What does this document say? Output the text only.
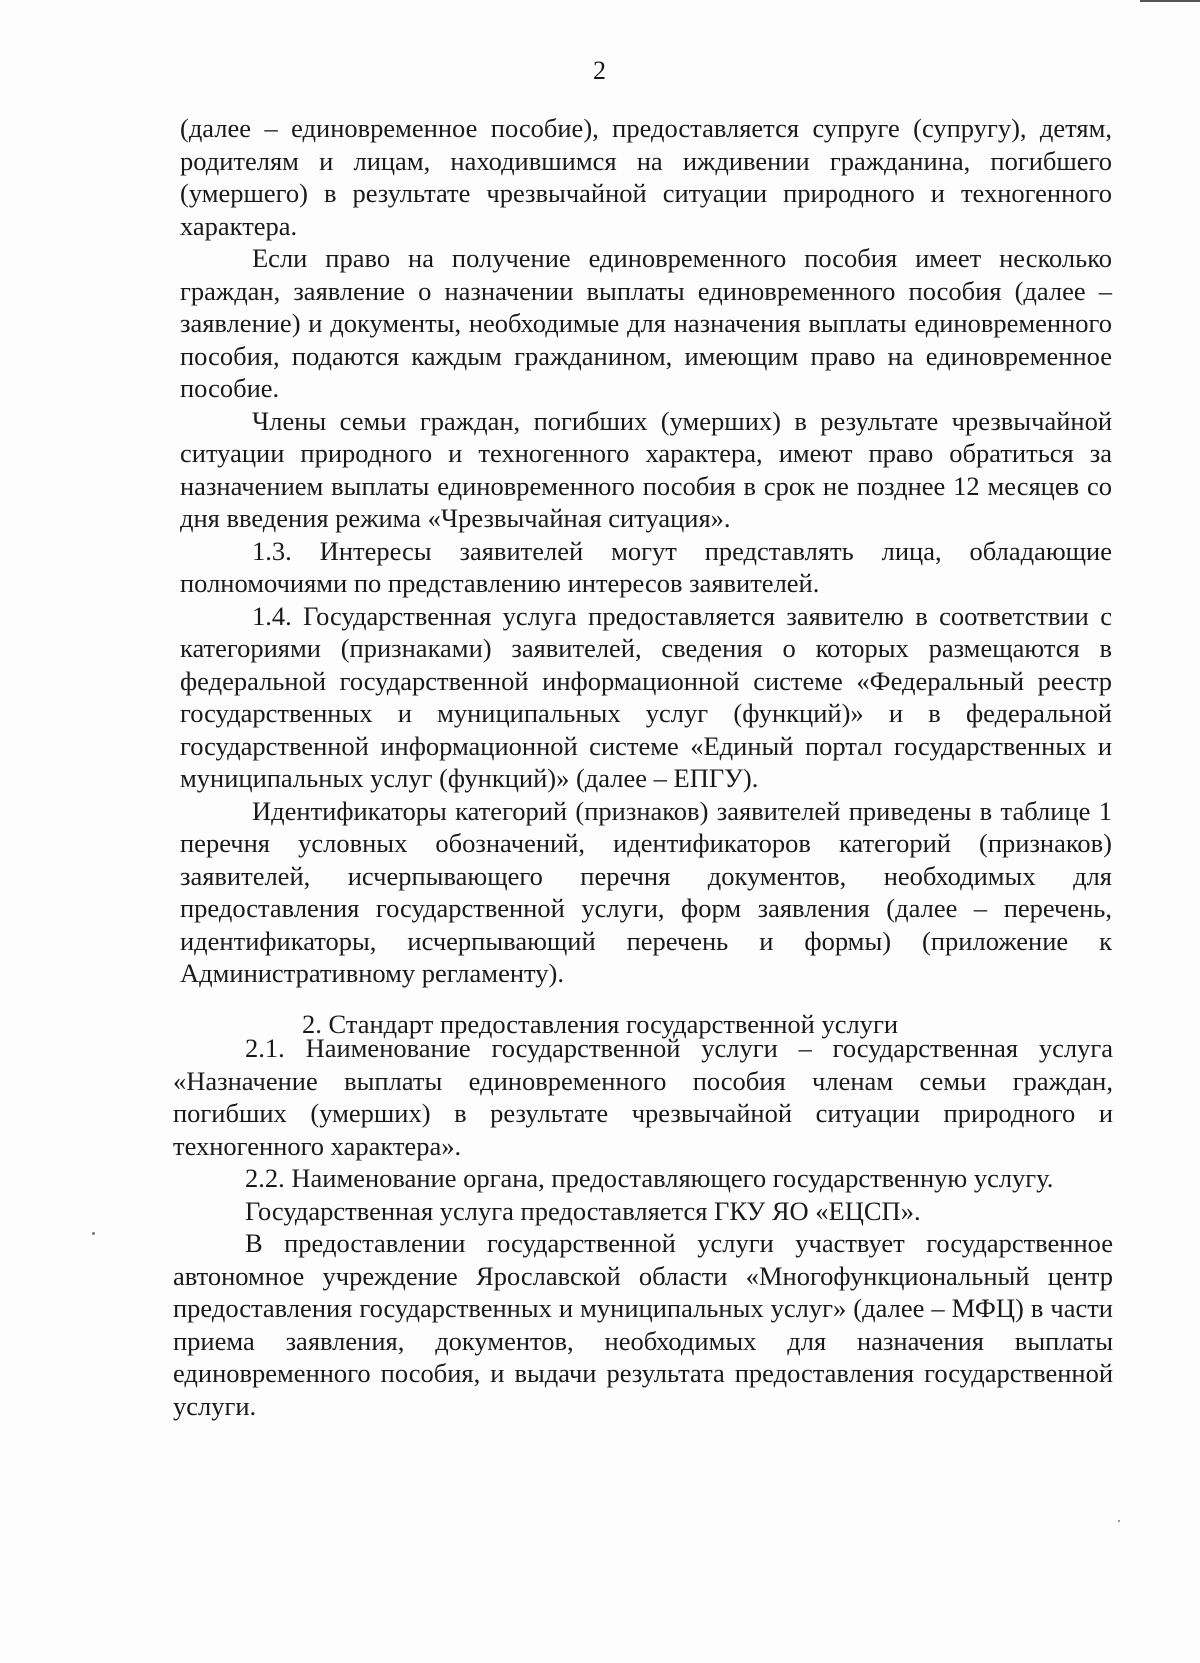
2

(далее – единовременное пособие), предоставляется супруге (супругу), детям, родителям и лицам, находившимся на иждивении гражданина, погибшего (умершего) в результате чрезвычайной ситуации природного и техногенного характера.

Если право на получение единовременного пособия имеет несколько граждан, заявление о назначении выплаты единовременного пособия (далее – заявление) и документы, необходимые для назначения выплаты единовременного пособия, подаются каждым гражданином, имеющим право на единовременное пособие.

Члены семьи граждан, погибших (умерших) в результате чрезвычайной ситуации природного и техногенного характера, имеют право обратиться за назначением выплаты единовременного пособия в срок не позднее 12 месяцев со дня введения режима «Чрезвычайная ситуация».

1.3. Интересы заявителей могут представлять лица, обладающие полномочиями по представлению интересов заявителей.

1.4. Государственная услуга предоставляется заявителю в соответствии с категориями (признаками) заявителей, сведения о которых размещаются в федеральной государственной информационной системе «Федеральный реестр государственных и муниципальных услуг (функций)» и в федеральной государственной информационной системе «Единый портал государственных и муниципальных услуг (функций)» (далее – ЕПГУ).

Идентификаторы категорий (признаков) заявителей приведены в таблице 1 перечня условных обозначений, идентификаторов категорий (признаков) заявителей, исчерпывающего перечня документов, необходимых для предоставления государственной услуги, форм заявления (далее – перечень, идентификаторы, исчерпывающий перечень и формы) (приложение к Административному регламенту).

2. Стандарт предоставления государственной услуги

2.1. Наименование государственной услуги – государственная услуга «Назначение выплаты единовременного пособия членам семьи граждан, погибших (умерших) в результате чрезвычайной ситуации природного и техногенного характера».

2.2. Наименование органа, предоставляющего государственную услугу.

Государственная услуга предоставляется ГКУ ЯО «ЕЦСП».

В предоставлении государственной услуги участвует государственное автономное учреждение Ярославской области «Многофункциональный центр предоставления государственных и муниципальных услуг» (далее – МФЦ) в части приема заявления, документов, необходимых для назначения выплаты единовременного пособия, и выдачи результата предоставления государственной услуги.
